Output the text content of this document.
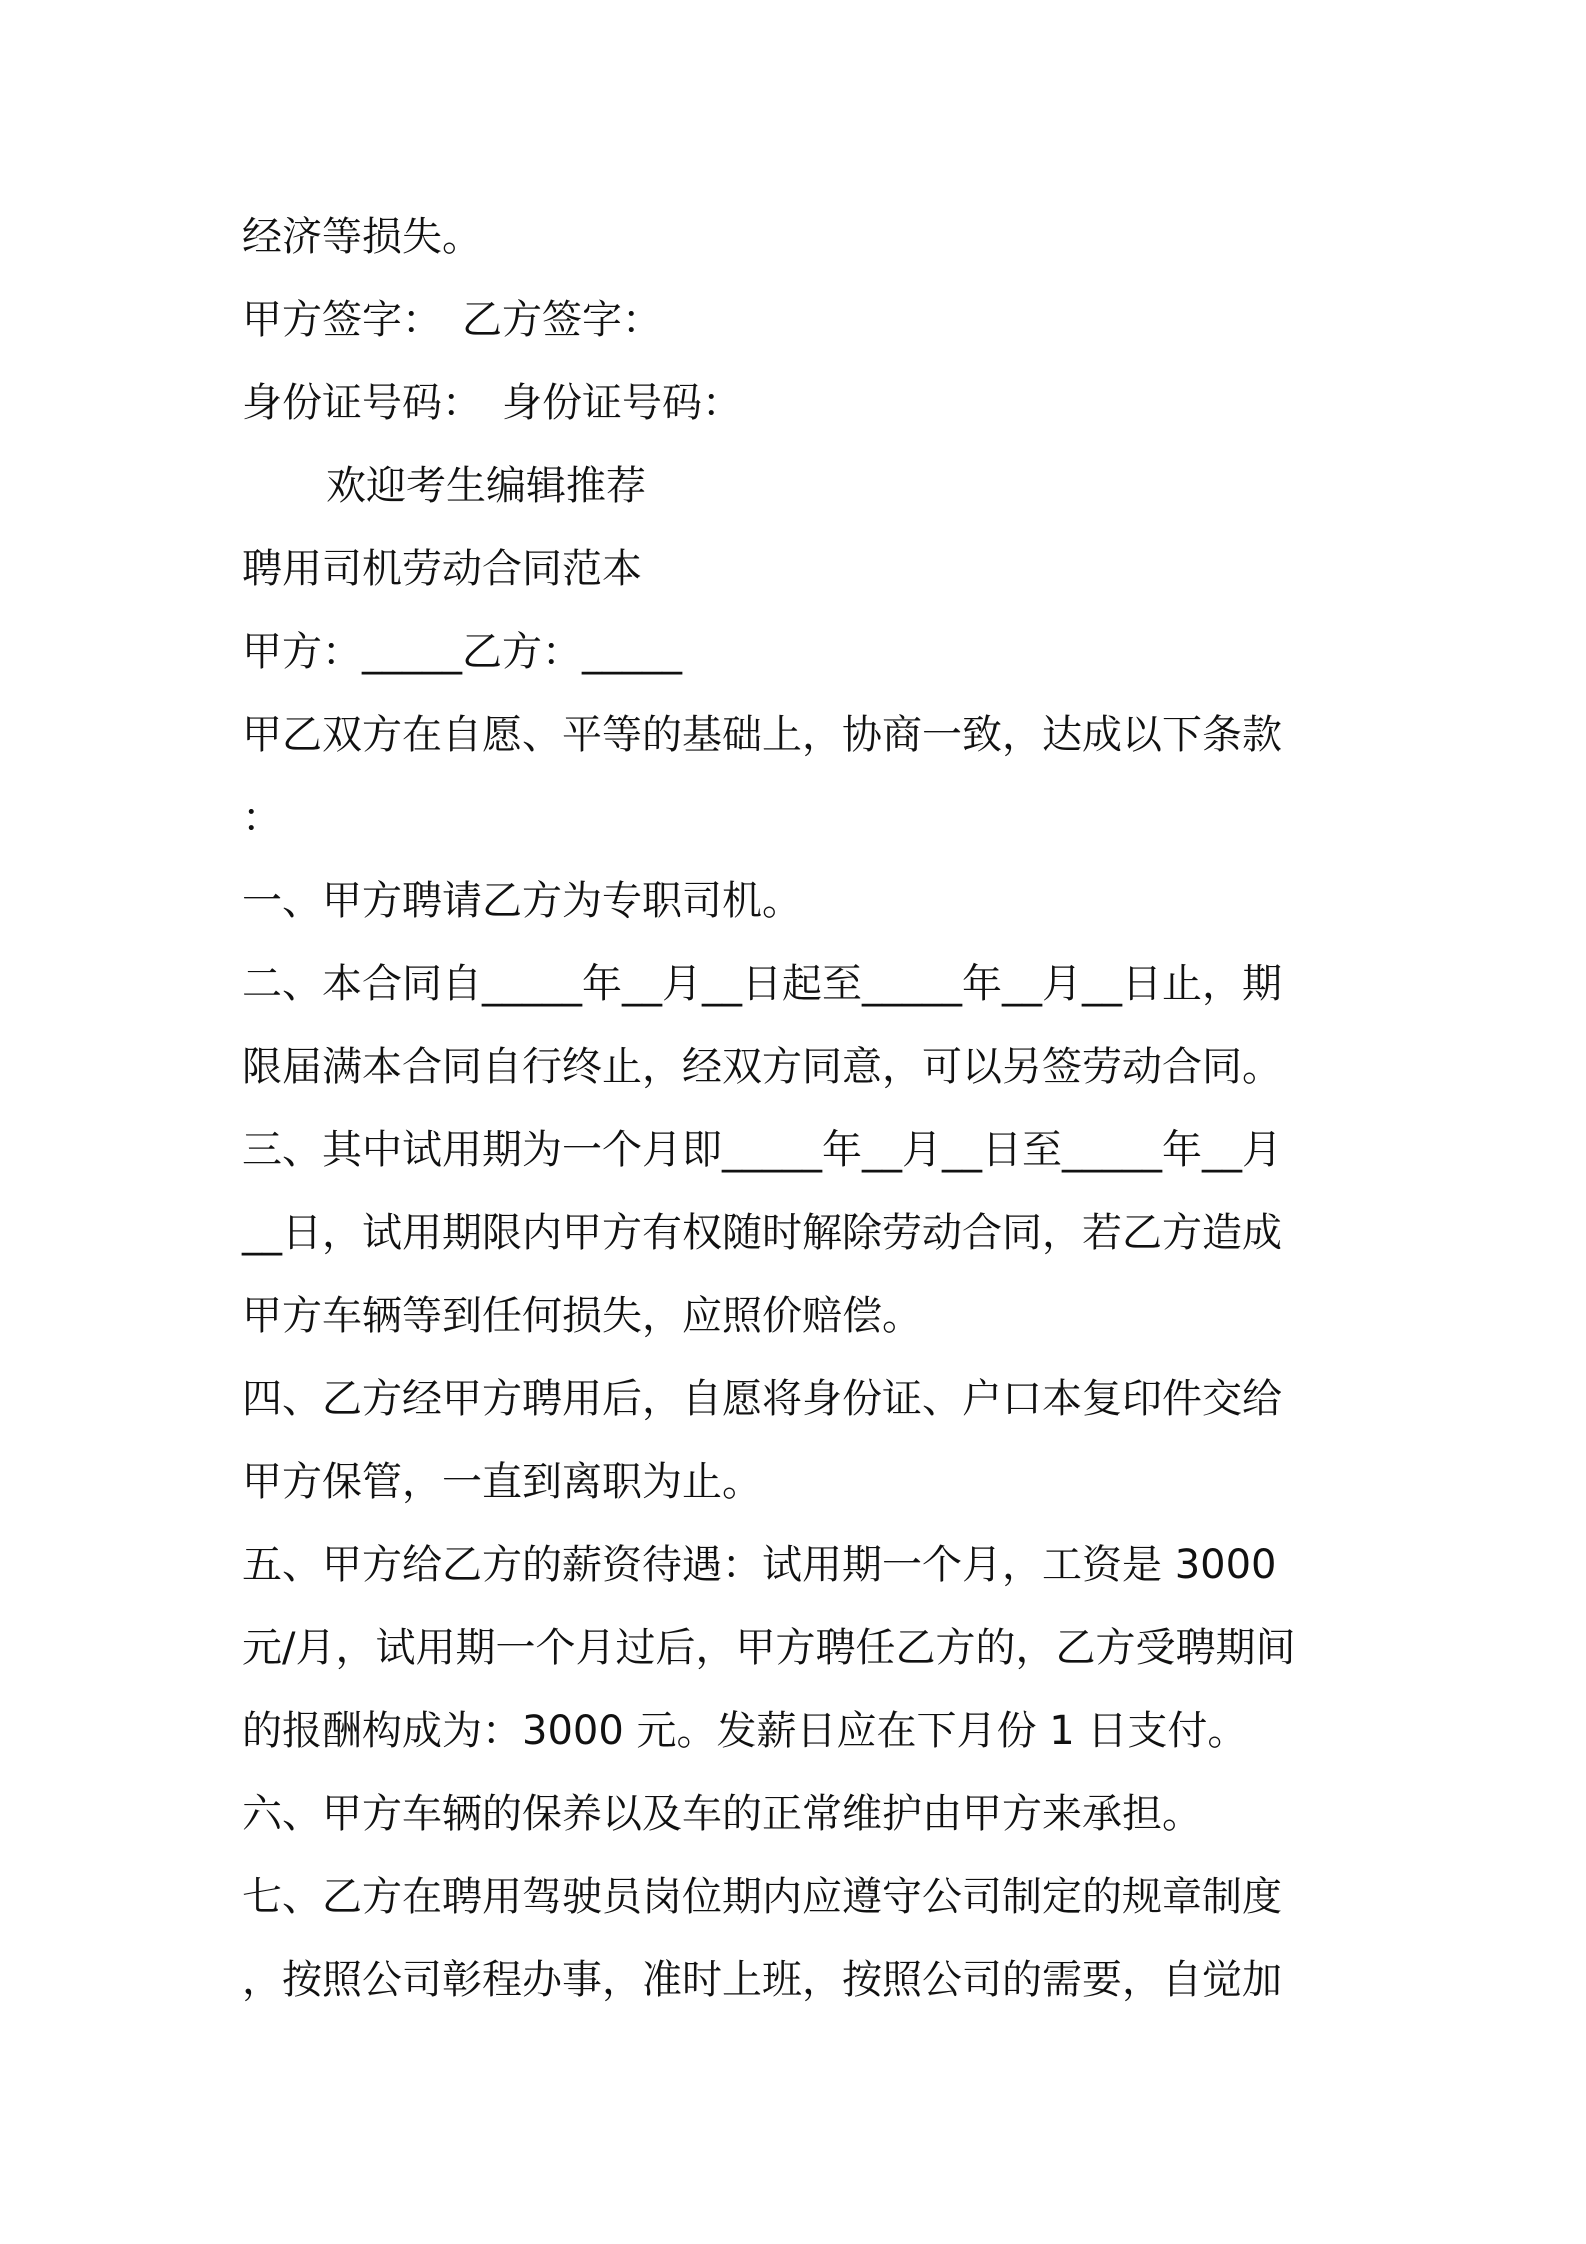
经济等损失。
甲方签字：　乙方签字：
身份证号码：　身份证号码：
欢迎考生编辑推荐
聘用司机劳动合同范本
甲方：_____乙方：_____
甲乙双方在自愿、平等的基础上，协商一致，达成以下条款
：
一、甲方聘请乙方为专职司机。
二、本合同自_____年__月__日起至_____年__月__日止，期
限届满本合同自行终止，经双方同意，可以另签劳动合同。
三、其中试用期为一个月即_____年__月__日至_____年__月
__日，试用期限内甲方有权随时解除劳动合同，若乙方造成
甲方车辆等到任何损失，应照价赔偿。
四、乙方经甲方聘用后，自愿将身份证、户口本复印件交给
甲方保管，一直到离职为止。
五、甲方给乙方的薪资待遇：试用期一个月，工资是 3000
元/月，试用期一个月过后，甲方聘任乙方的，乙方受聘期间
的报酬构成为：3000 元。发薪日应在下月份 1 日支付。
六、甲方车辆的保养以及车的正常维护由甲方来承担。
七、乙方在聘用驾驶员岗位期内应遵守公司制定的规章制度
，按照公司彰程办事，准时上班，按照公司的需要，自觉加
